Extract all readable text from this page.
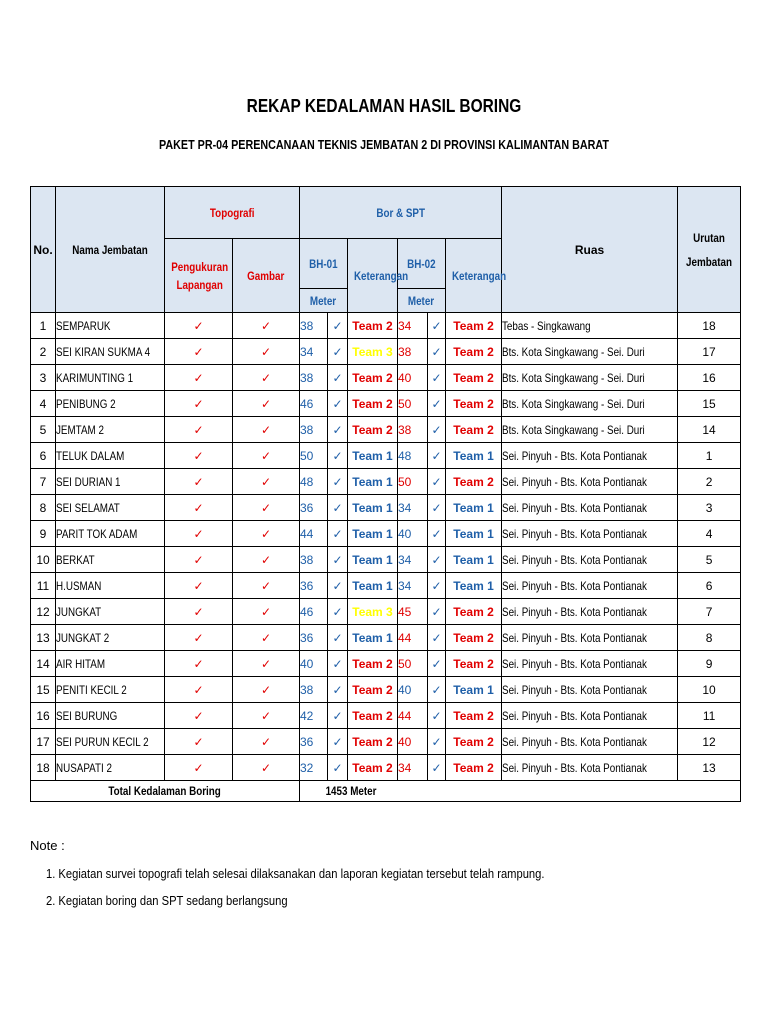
REKAP KEDALAMAN HASIL BORING
PAKET PR-04 PERENCANAAN TEKNIS JEMBATAN 2 DI PROVINSI KALIMANTAN BARAT
No.	Nama Jembatan	Topografi		Bor & SPT						Ruas	Urutan Jembatan
		Pengukuran Lapangan	Gambar	BH-01		Keterangan	BH-02		Keterangan		
				Meter			Meter				
1	SEMPARUK	✓	✓	38	✓	Team 2	34	✓	Team 2	Tebas - Singkawang	18
2	SEI KIRAN SUKMA 4	✓	✓	34	✓	Team 3	38	✓	Team 2	Bts. Kota Singkawang - Sei. Duri	17
3	KARIMUNTING 1	✓	✓	38	✓	Team 2	40	✓	Team 2	Bts. Kota Singkawang - Sei. Duri	16
4	PENIBUNG 2	✓	✓	46	✓	Team 2	50	✓	Team 2	Bts. Kota Singkawang - Sei. Duri	15
5	JEMTAM 2	✓	✓	38	✓	Team 2	38	✓	Team 2	Bts. Kota Singkawang - Sei. Duri	14
6	TELUK DALAM	✓	✓	50	✓	Team 1	48	✓	Team 1	Sei. Pinyuh - Bts. Kota Pontianak	1
7	SEI DURIAN 1	✓	✓	48	✓	Team 1	50	✓	Team 2	Sei. Pinyuh - Bts. Kota Pontianak	2
8	SEI SELAMAT	✓	✓	36	✓	Team 1	34	✓	Team 1	Sei. Pinyuh - Bts. Kota Pontianak	3
9	PARIT TOK ADAM	✓	✓	44	✓	Team 1	40	✓	Team 1	Sei. Pinyuh - Bts. Kota Pontianak	4
10	BERKAT	✓	✓	38	✓	Team 1	34	✓	Team 1	Sei. Pinyuh - Bts. Kota Pontianak	5
11	H.USMAN	✓	✓	36	✓	Team 1	34	✓	Team 1	Sei. Pinyuh - Bts. Kota Pontianak	6
12	JUNGKAT	✓	✓	46	✓	Team 3	45	✓	Team 2	Sei. Pinyuh - Bts. Kota Pontianak	7
13	JUNGKAT 2	✓	✓	36	✓	Team 1	44	✓	Team 2	Sei. Pinyuh - Bts. Kota Pontianak	8
14	AIR HITAM	✓	✓	40	✓	Team 2	50	✓	Team 2	Sei. Pinyuh - Bts. Kota Pontianak	9
15	PENITI KECIL 2	✓	✓	38	✓	Team 2	40	✓	Team 1	Sei. Pinyuh - Bts. Kota Pontianak	10
16	SEI BURUNG	✓	✓	42	✓	Team 2	44	✓	Team 2	Sei. Pinyuh - Bts. Kota Pontianak	11
17	SEI PURUN KECIL 2	✓	✓	36	✓	Team 2	40	✓	Team 2	Sei. Pinyuh - Bts. Kota Pontianak	12
18	NUSAPATI 2	✓	✓	32	✓	Team 2	34	✓	Team 2	Sei. Pinyuh - Bts. Kota Pontianak	13
Total Kedalaman Boring				1453 Meter							
Note :
1. Kegiatan survei topografi telah selesai dilaksanakan dan laporan kegiatan tersebut telah rampung.
2. Kegiatan boring dan SPT sedang berlangsung
